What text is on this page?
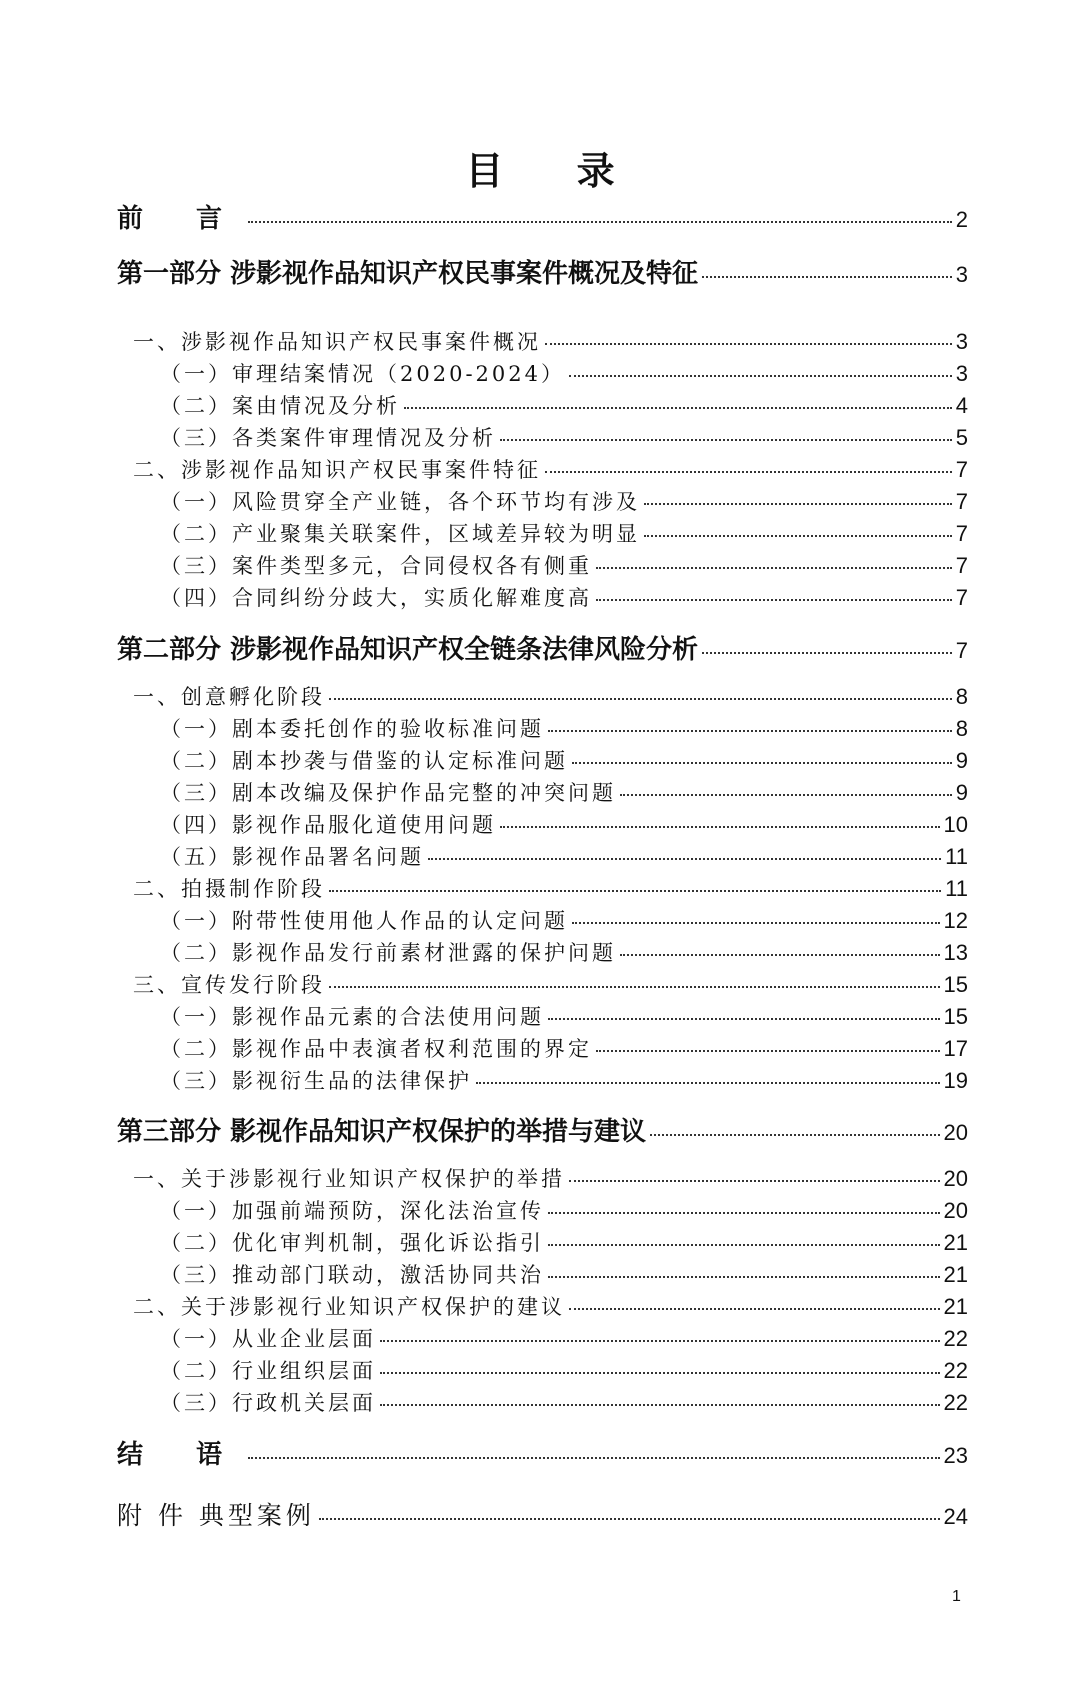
目 录
前 言	2
第一部分 涉影视作品知识产权民事案件概况及特征	3
一、涉影视作品知识产权民事案件概况	3
（一）审理结案情况（2020-2024）	3
（二）案由情况及分析	4
（三）各类案件审理情况及分析	5
二、涉影视作品知识产权民事案件特征	7
（一）风险贯穿全产业链，各个环节均有涉及	7
（二）产业聚集关联案件，区域差异较为明显	7
（三）案件类型多元，合同侵权各有侧重	7
（四）合同纠纷分歧大，实质化解难度高	7
第二部分 涉影视作品知识产权全链条法律风险分析	7
一、创意孵化阶段	8
（一）剧本委托创作的验收标准问题	8
（二）剧本抄袭与借鉴的认定标准问题	9
（三）剧本改编及保护作品完整的冲突问题	9
（四）影视作品服化道使用问题	10
（五）影视作品署名问题	11
二、拍摄制作阶段	11
（一）附带性使用他人作品的认定问题	12
（二）影视作品发行前素材泄露的保护问题	13
三、宣传发行阶段	15
（一）影视作品元素的合法使用问题	15
（二）影视作品中表演者权利范围的界定	17
（三）影视衍生品的法律保护	19
第三部分 影视作品知识产权保护的举措与建议	20
一、关于涉影视行业知识产权保护的举措	20
（一）加强前端预防，深化法治宣传	20
（二）优化审判机制，强化诉讼指引	21
（三）推动部门联动，激活协同共治	21
二、关于涉影视行业知识产权保护的建议	21
（一）从业企业层面	22
（二）行业组织层面	22
（三）行政机关层面	22
结 语	23
附 件 典型案例	24
1
